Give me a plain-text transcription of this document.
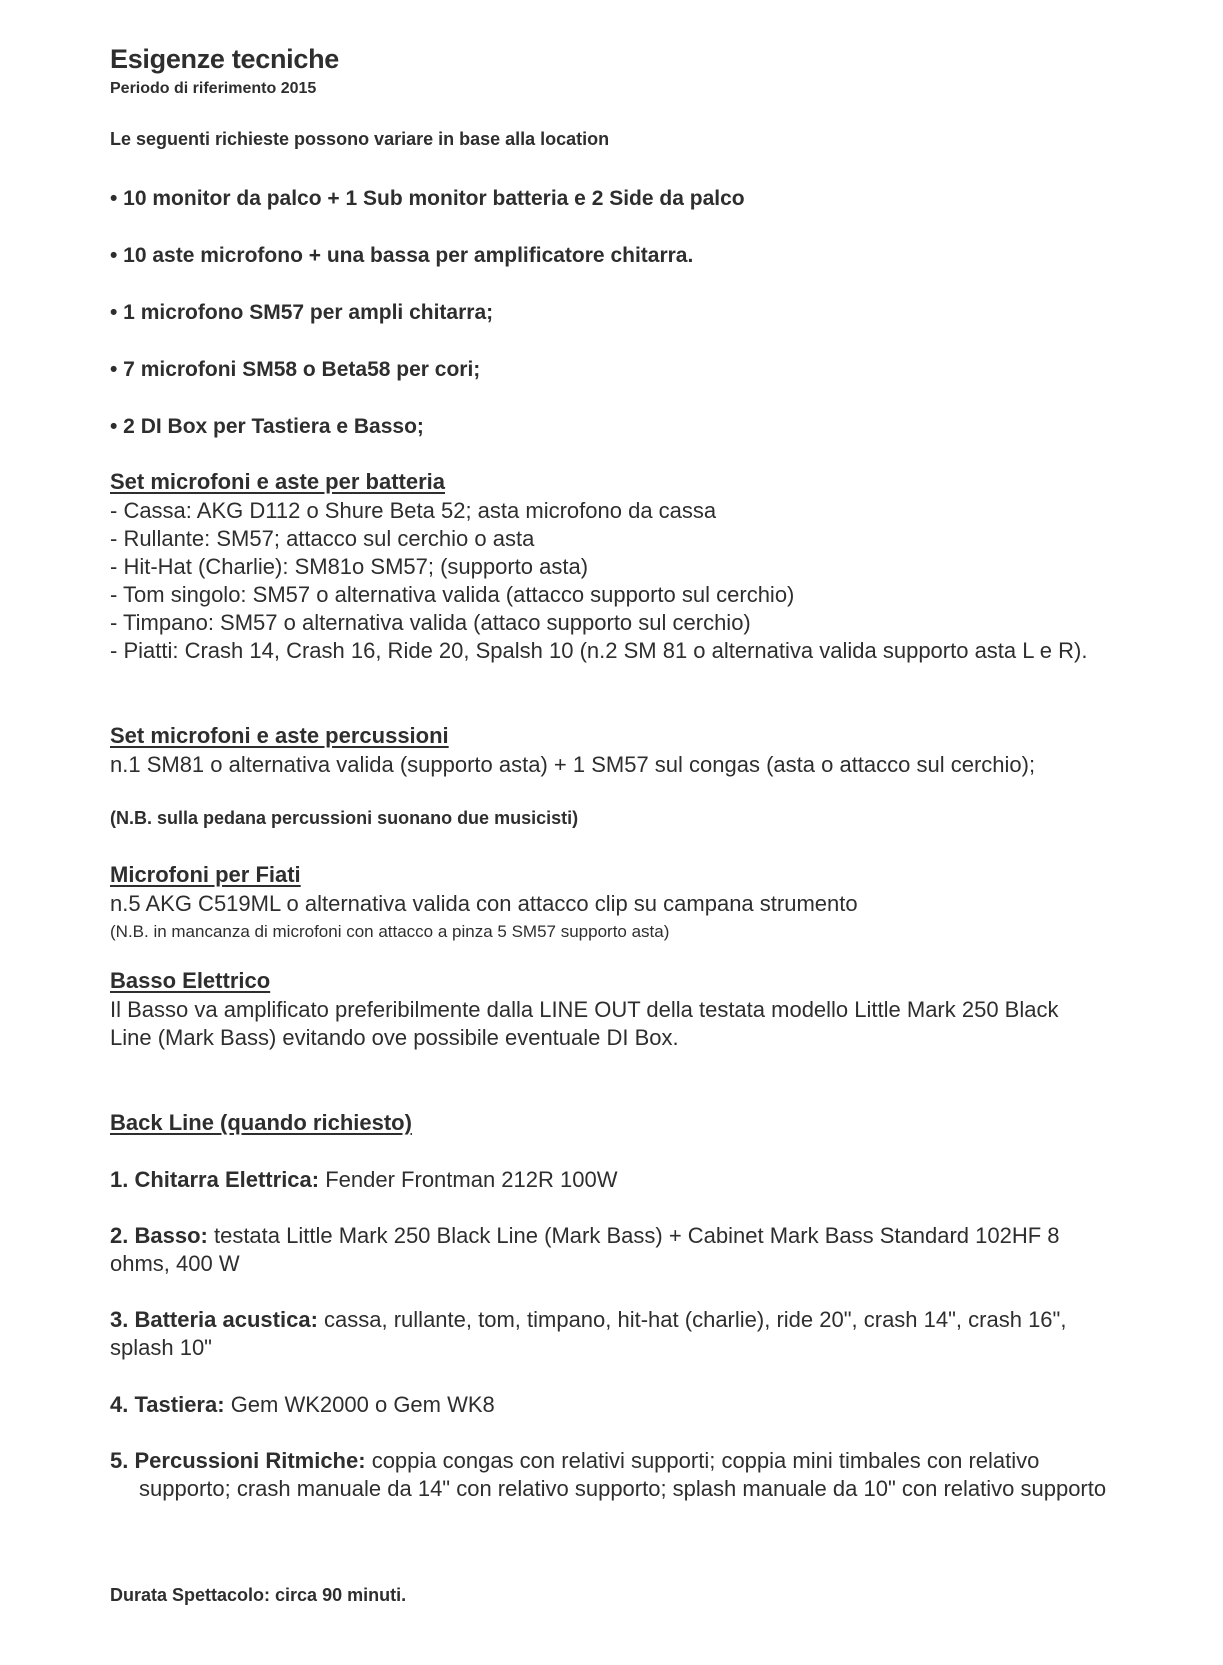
Esigenze tecniche
Periodo di riferimento 2015
Le seguenti richieste possono variare in base alla location
• 10 monitor da palco + 1 Sub monitor batteria e 2 Side da palco
• 10 aste microfono + una bassa per amplificatore chitarra.
• 1 microfono SM57 per ampli chitarra;
• 7 microfoni SM58 o Beta58 per cori;
• 2 DI Box per Tastiera e Basso;
Set microfoni e aste per batteria
- Cassa: AKG D112 o Shure Beta 52; asta microfono da cassa
- Rullante: SM57; attacco sul cerchio o asta
- Hit-Hat (Charlie): SM81o SM57; (supporto asta)
- Tom singolo: SM57 o alternativa valida (attacco supporto sul cerchio)
- Timpano: SM57 o alternativa valida (attaco supporto sul cerchio)
- Piatti: Crash 14, Crash 16, Ride 20, Spalsh 10 (n.2 SM 81 o alternativa valida supporto asta L e R).
Set microfoni e aste percussioni
n.1 SM81 o alternativa valida (supporto asta) + 1 SM57 sul congas (asta o attacco sul cerchio);
(N.B. sulla pedana percussioni suonano due musicisti)
Microfoni per Fiati
n.5 AKG C519ML o alternativa valida con attacco clip su campana strumento
(N.B. in mancanza di microfoni con attacco a pinza 5 SM57 supporto asta)
Basso Elettrico
Il Basso va amplificato preferibilmente dalla LINE OUT della testata modello Little Mark 250 Black Line (Mark Bass) evitando ove possibile eventuale DI Box.
Back Line (quando richiesto)
1. Chitarra Elettrica: Fender Frontman 212R 100W
2. Basso: testata Little Mark 250 Black Line (Mark Bass) + Cabinet Mark Bass Standard 102HF 8 ohms, 400 W
3. Batteria acustica: cassa, rullante, tom, timpano, hit-hat (charlie), ride 20", crash 14", crash 16", splash 10"
4. Tastiera: Gem WK2000 o Gem WK8
5. Percussioni Ritmiche: coppia congas con relativi supporti; coppia mini timbales con relativo supporto; crash manuale da 14" con relativo supporto; splash manuale da 10" con relativo supporto
Durata Spettacolo: circa 90 minuti.
